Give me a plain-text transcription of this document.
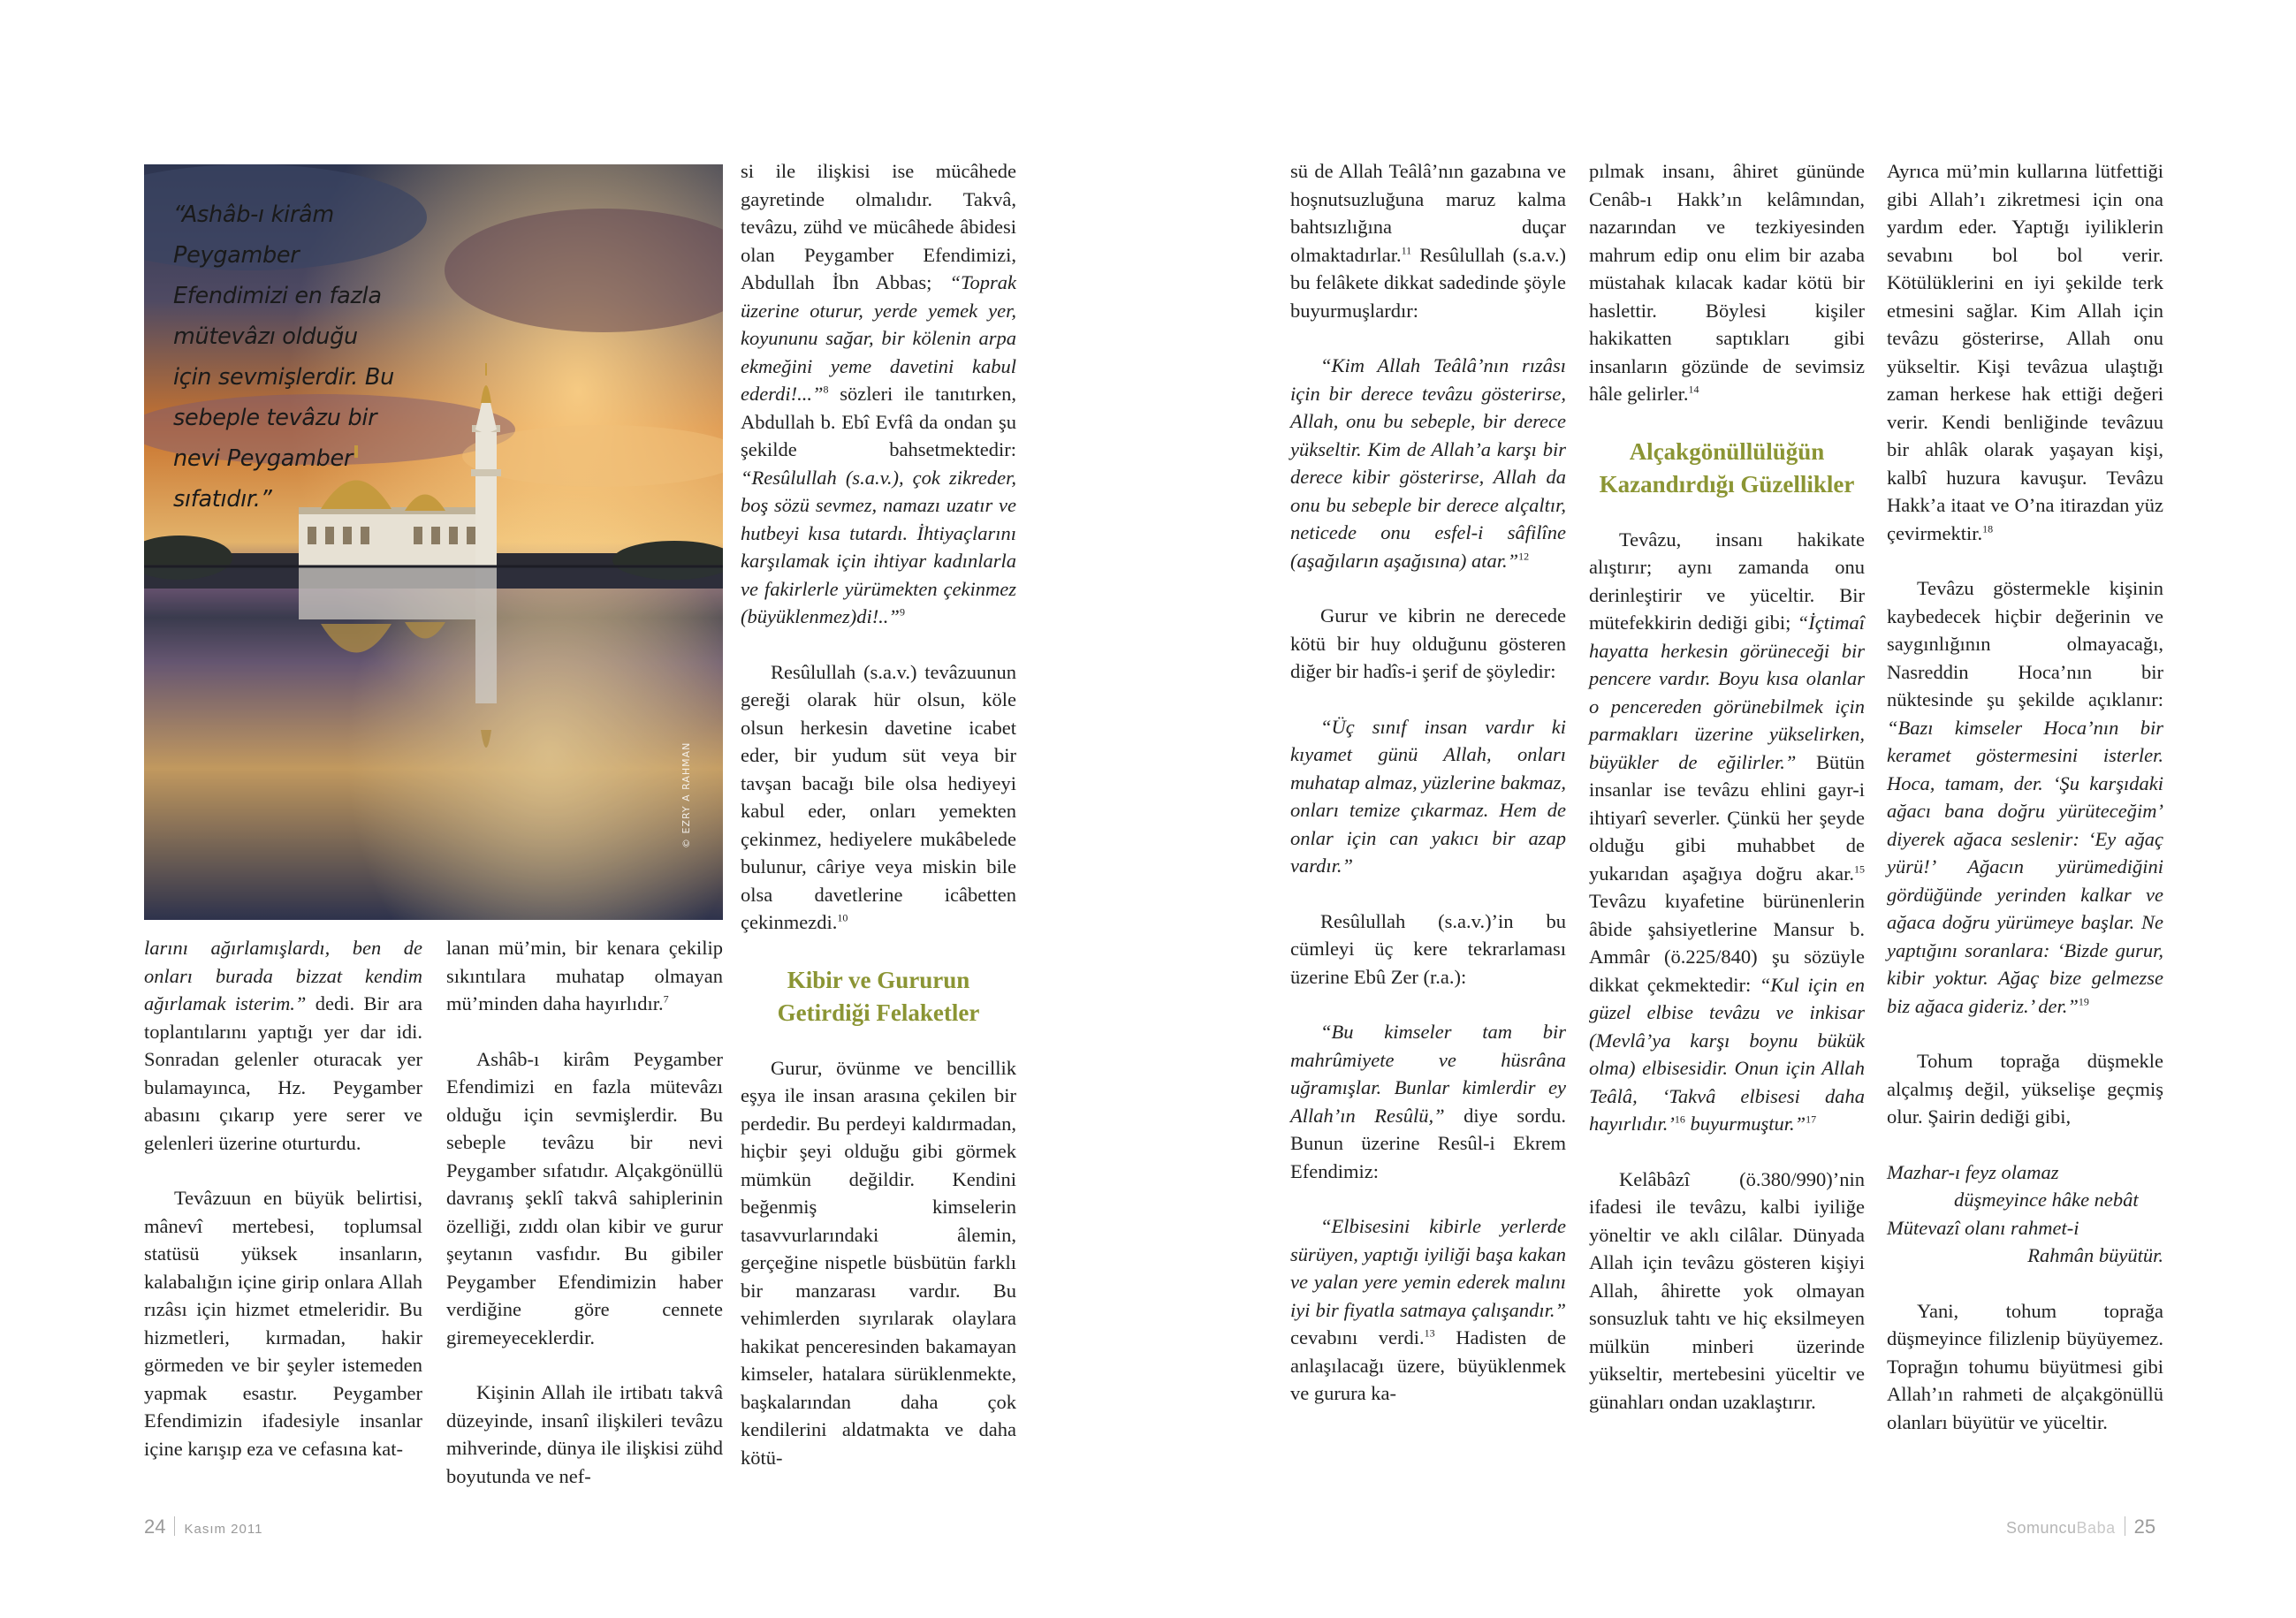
“Ashâb-ı kirâm Peygamber Efendimizi en fazla mütevâzı olduğu için sevmişlerdir. Bu sebeple tevâzu bir nevi Peygamber sıfatıdır.”
© EZRY A RAHMAN

larını ağırlamışlardı, ben de onları burada bizzat kendim ağırlamak isterim.” dedi. Bir ara toplantılarını yaptığı yer dar idi. Sonradan gelenler oturacak yer bulamayınca, Hz. Peygamber abasını çıkarıp yere serer ve gelenleri üzerine oturturdu.

Tevâzuun en büyük belirtisi, mânevî mertebesi, toplumsal statüsü yüksek insanların, kalabalığın içine girip onlara Allah rızâsı için hizmet etmeleridir. Bu hizmetleri, kırmadan, hakir görmeden ve bir şeyler istemeden yapmak esastır. Peygamber Efendimizin ifadesiyle insanlar içine karışıp eza ve cefasına kat-

lanan mü’min, bir kenara çekilip sıkıntılara muhatap olmayan mü’minden daha hayırlıdır.$^7$

Ashâb-ı kirâm Peygamber Efendimizi en fazla mütevâzı olduğu için sevmişlerdir. Bu sebeple tevâzu bir nevi Peygamber sıfatıdır. Alçakgönüllü davranış şeklî takvâ sahiplerinin özelliği, zıddı olan kibir ve gurur şeytanın vasfıdır. Bu gibiler Peygamber Efendimizin haber verdiğine göre cennete giremeyeceklerdir.

Kişinin Allah ile irtibatı takvâ düzeyinde, insanî ilişkileri tevâzu mihverinde, dünya ile ilişkisi zühd boyutunda ve nef-

si ile ilişkisi ise mücâhede gayretinde olmalıdır. Takvâ, tevâzu, zühd ve mücâhede âbidesi olan Peygamber Efendimizi, Abdullah İbn Abbas; “Toprak üzerine oturur, yerde yemek yer, koyununu sağar, bir kölenin arpa ekmeğini yeme davetini kabul ederdi!...”$^8$ sözleri ile tanıtırken, Abdullah b. Ebî Evfâ da ondan şu şekilde bahsetmektedir: “Resûlullah (s.a.v.), çok zikreder, boş sözü sevmez, namazı uzatır ve hutbeyi kısa tutardı. İhtiyaçlarını karşılamak için ihtiyar kadınlarla ve fakirlerle yürümekten çekinmez (büyüklenmez)di!..”$^9$

Resûlullah (s.a.v.) tevâzuunun gereği olarak hür olsun, köle olsun herkesin davetine icabet eder, bir yudum süt veya bir tavşan bacağı bile olsa hediyeyi kabul eder, onları yemekten çekinmez, hediyelere mukâbelede bulunur, câriye veya miskin bile olsa davetlerine icâbetten çekinmezdi.$^{10}$

Kibir ve Gururun Getirdiği Felaketler

Gurur, övünme ve bencillik eşya ile insan arasına çekilen bir perdedir. Bu perdeyi kaldırmadan, hiçbir şeyi olduğu gibi görmek mümkün değildir. Kendini beğenmiş kimselerin tasavvurlarındaki âlemin, gerçeğine nispetle büsbütün farklı bir manzarası vardır. Bu vehimlerden sıyrılarak olaylara hakikat penceresinden bakamayan kimseler, hatalara sürüklenmekte, başkalarından daha çok kendilerini aldatmakta ve daha kötü-

sü de Allah Teâlâ’nın gazabına ve hoşnutsuzluğuna maruz kalma bahtsızlığına duçar olmaktadırlar.$^{11}$ Resûlullah (s.a.v.) bu felâkete dikkat sadedinde şöyle buyurmuşlardır:

“Kim Allah Teâlâ’nın rızâsı için bir derece tevâzu gösterirse, Allah, onu bu sebeple, bir derece yükseltir. Kim de Allah’a karşı bir derece kibir gösterirse, Allah da onu bu sebeple bir derece alçaltır, neticede onu esfel-i sâfilîne (aşağıların aşağısına) atar.”$^{12}$

Gurur ve kibrin ne derecede kötü bir huy olduğunu gösteren diğer bir hadîs-i şerif de şöyledir:

“Üç sınıf insan vardır ki kıyamet günü Allah, onları muhatap almaz, yüzlerine bakmaz, onları temize çıkarmaz. Hem de onlar için can yakıcı bir azap vardır.”

Resûlullah (s.a.v.)’in bu cümleyi üç kere tekrarlaması üzerine Ebû Zer (r.a.):

“Bu kimseler tam bir mahrûmiyete ve hüsrâna uğramışlar. Bunlar kimlerdir ey Allah’ın Resûlü,” diye sordu. Bunun üzerine Resûl-i Ekrem Efendimiz:

“Elbisesini kibirle yerlerde sürüyen, yaptığı iyiliği başa kakan ve yalan yere yemin ederek malını iyi bir fiyatla satmaya çalışandır.” cevabını verdi.$^{13}$ Hadisten de anlaşılacağı üzere, büyüklenmek ve gurura ka-

pılmak insanı, âhiret gününde Cenâb-ı Hakk’ın kelâmından, nazarından ve tezkiyesinden mahrum edip onu elim bir azaba müstahak kılacak kadar kötü bir haslettir. Böylesi kişiler hakikatten saptıkları gibi insanların gözünde de sevimsiz hâle gelirler.$^{14}$

Alçakgönüllülüğün Kazandırdığı Güzellikler

Tevâzu, insanı hakikate alıştırır; aynı zamanda onu derinleştirir ve yüceltir. Bir mütefekkirin dediği gibi; “İçtimaî hayatta herkesin görüneceği bir pencere vardır. Boyu kısa olanlar o pencereden görünebilmek için parmakları üzerine yükselirken, büyükler de eğilirler.” Bütün insanlar ise tevâzu ehlini gayr-i ihtiyarî severler. Çünkü her şeyde olduğu gibi muhabbet de yukarıdan aşağıya doğru akar.$^{15}$ Tevâzu kıyafetine bürünenlerin âbide şahsiyetlerine Mansur b. Ammâr (ö.225/840) şu sözüyle dikkat çekmektedir: “Kul için en güzel elbise tevâzu ve inkisar (Mevlâ’ya karşı boynu bükük olma) elbisesidir. Onun için Allah Teâlâ, ‘Takvâ elbisesi daha hayırlıdır.’$^{16}$ buyurmuştur.”$^{17}$

Kelâbâzî (ö.380/990)’nin ifadesi ile tevâzu, kalbi iyiliğe yöneltir ve aklı cilâlar. Dünyada Allah için tevâzu gösteren kişiyi Allah, âhirette yok olmayan sonsuzluk tahtı ve hiç eksilmeyen mülkün minberi üzerinde yükseltir, mertebesini yüceltir ve günahları ondan uzaklaştırır.

Ayrıca mü’min kullarına lütfettiği gibi Allah’ı zikretmesi için ona yardım eder. Yaptığı iyiliklerin sevabını bol bol verir. Kötülüklerini en iyi şekilde terk etmesini sağlar. Kim Allah için tevâzu gösterirse, Allah onu yükseltir. Kişi tevâzua ulaştığı zaman herkese hak ettiği değeri verir. Kendi benliğinde tevâzuu bir ahlâk olarak yaşayan kişi, kalbî huzura kavuşur. Tevâzu Hakk’a itaat ve O’na itirazdan yüz çevirmektir.$^{18}$

Tevâzu göstermekle kişinin kaybedecek hiçbir değerinin ve saygınlığının olmayacağı, Nasreddin Hoca’nın bir nüktesinde şu şekilde açıklanır: “Bazı kimseler Hoca’nın bir keramet göstermesini isterler. Hoca, tamam, der. ‘Şu karşıdaki ağacı bana doğru yürüteceğim’ diyerek ağaca seslenir: ‘Ey ağaç yürü!’ Ağacın yürümediğini gördüğünde yerinden kalkar ve ağaca doğru yürümeye başlar. Ne yaptığını soranlara: ‘Bizde gurur, kibir yoktur. Ağaç bize gelmezse biz ağaca gideriz.’ der.”$^{19}$

Tohum toprağa düşmekle alçalmış değil, yükselişe geçmiş olur. Şairin dediği gibi,

Mazhar-ı feyz olamaz
düşmeyince hâke nebât
Mütevazî olanı rahmet-i
Rahmân büyütür.

Yani, tohum toprağa düşmeyince filizlenip büyüyemez. Toprağın tohumu büyütmesi gibi Allah’ın rahmeti de alçakgönüllü olanları büyütür ve yüceltir.

24 Kasım 2011	SomuncuBaba 25
